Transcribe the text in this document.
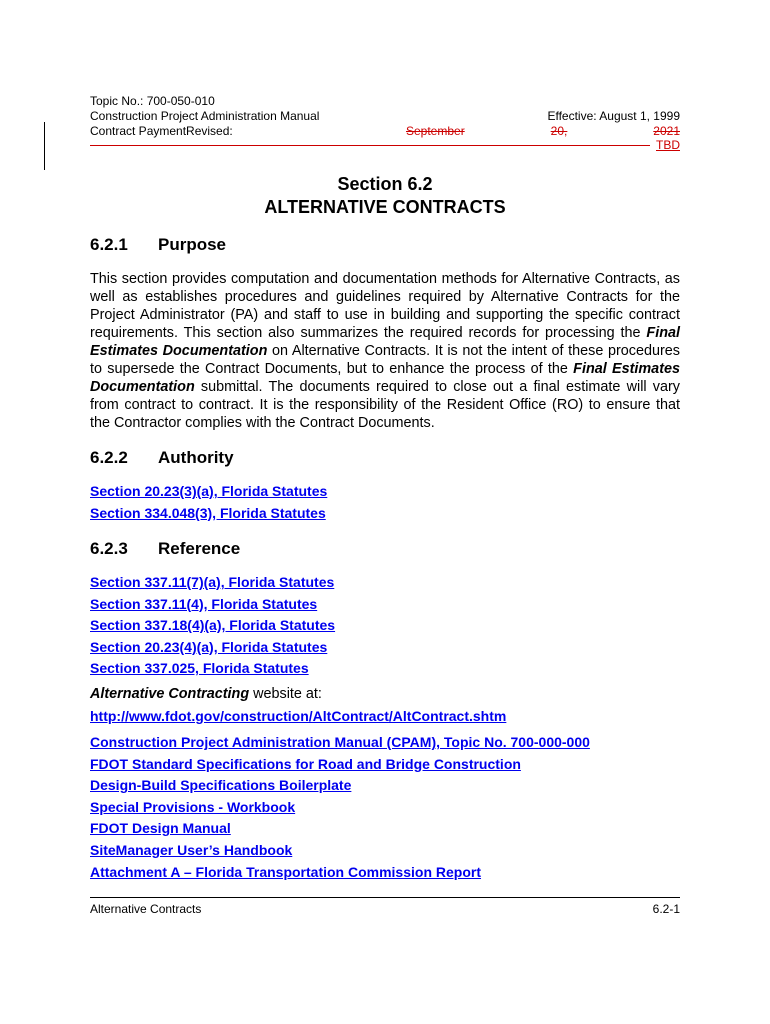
Topic No.: 700-050-010
Construction Project Administration Manual
Contract PaymentRevised:
Effective: August 1, 1999
September	20,	2021
TBD
Section 6.2
ALTERNATIVE CONTRACTS
6.2.1 Purpose
This section provides computation and documentation methods for Alternative Contracts, as well as establishes procedures and guidelines required by Alternative Contracts for the Project Administrator (PA) and staff to use in building and supporting the specific contract requirements. This section also summarizes the required records for processing the Final Estimates Documentation on Alternative Contracts. It is not the intent of these procedures to supersede the Contract Documents, but to enhance the process of the Final Estimates Documentation submittal. The documents required to close out a final estimate will vary from contract to contract. It is the responsibility of the Resident Office (RO) to ensure that the Contractor complies with the Contract Documents.
6.2.2 Authority
Section 20.23(3)(a), Florida Statutes
Section 334.048(3), Florida Statutes
6.2.3 Reference
Section 337.11(7)(a), Florida Statutes
Section 337.11(4), Florida Statutes
Section 337.18(4)(a), Florida Statutes
Section 20.23(4)(a), Florida Statutes
Section 337.025, Florida Statutes
Alternative Contracting website at:
http://www.fdot.gov/construction/AltContract/AltContract.shtm
Construction Project Administration Manual (CPAM), Topic No. 700-000-000
FDOT Standard Specifications for Road and Bridge Construction
Design-Build Specifications Boilerplate
Special Provisions - Workbook
FDOT Design Manual
SiteManager User’s Handbook
Attachment A – Florida Transportation Commission Report
Alternative Contracts	6.2-1
